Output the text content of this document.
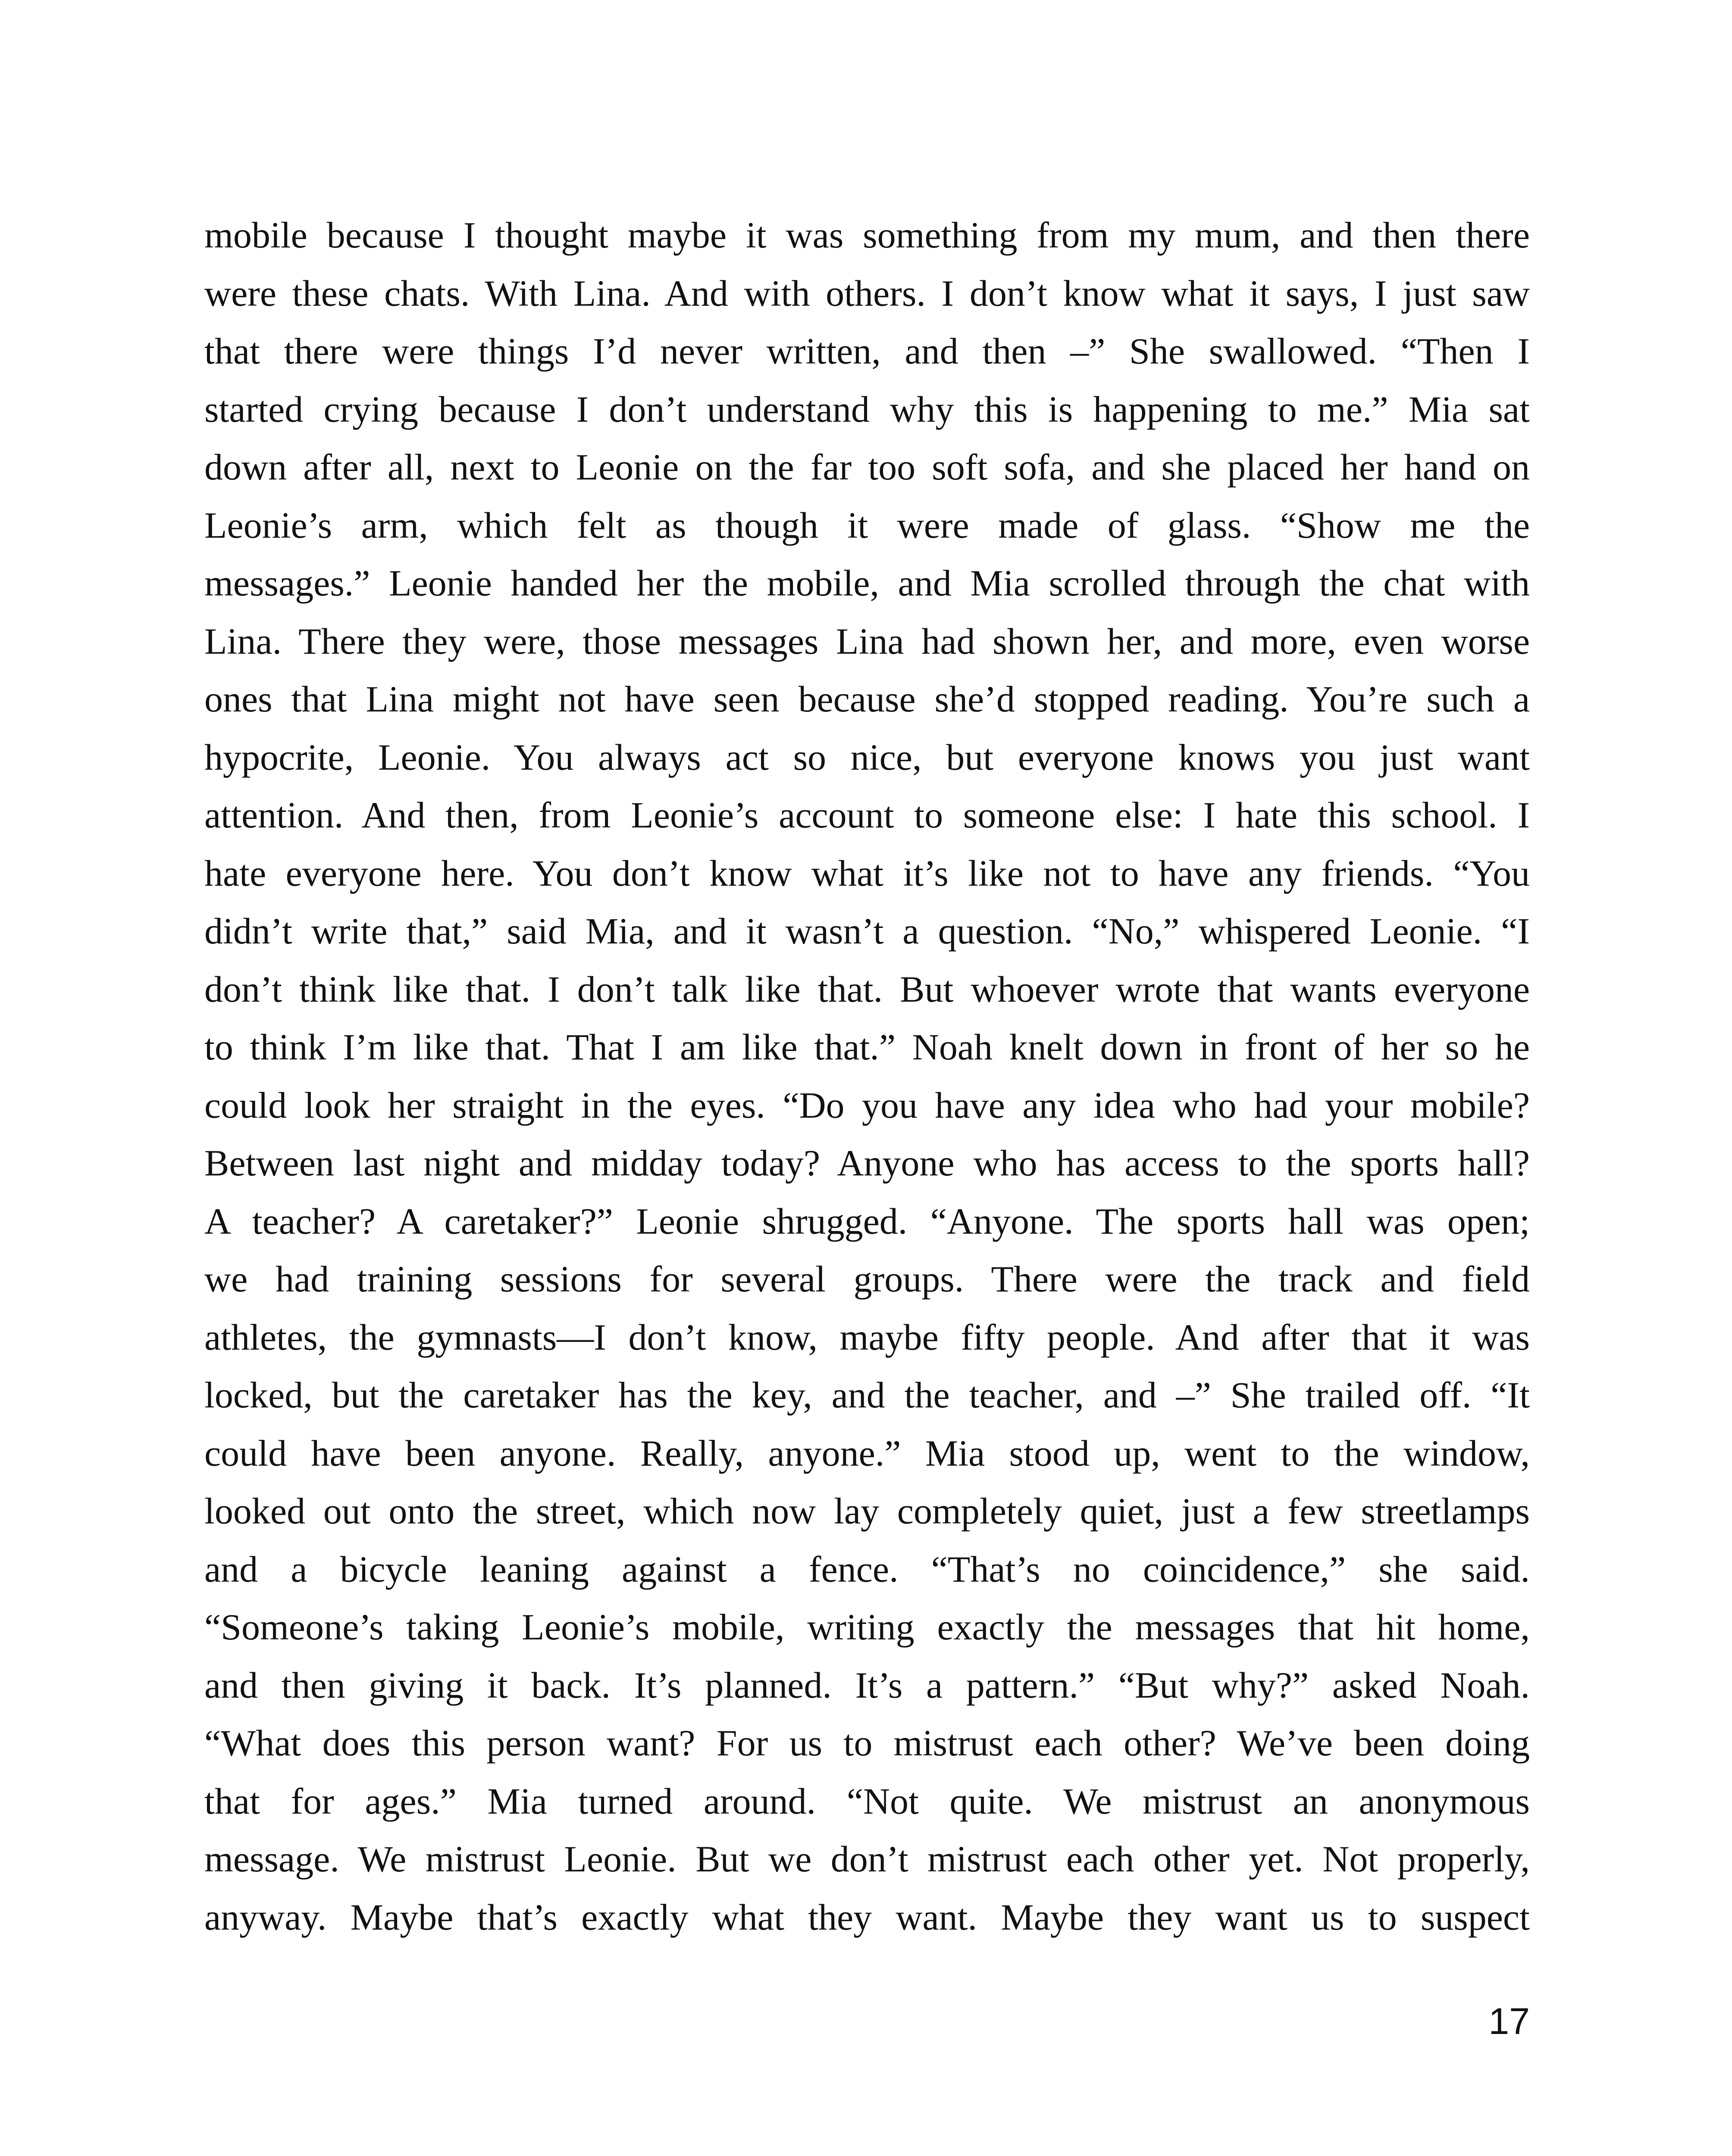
mobile because I thought maybe it was something from my mum, and then there
were these chats. With Lina. And with others. I don’t know what it says, I just saw
that there were things I’d never written, and then –” She swallowed. “Then I
started crying because I don’t understand why this is happening to me.” Mia sat
down after all, next to Leonie on the far too soft sofa, and she placed her hand on
Leonie’s arm, which felt as though it were made of glass. “Show me the
messages.” Leonie handed her the mobile, and Mia scrolled through the chat with
Lina. There they were, those messages Lina had shown her, and more, even worse
ones that Lina might not have seen because she’d stopped reading. You’re such a
hypocrite, Leonie. You always act so nice, but everyone knows you just want
attention. And then, from Leonie’s account to someone else: I hate this school. I
hate everyone here. You don’t know what it’s like not to have any friends. “You
didn’t write that,” said Mia, and it wasn’t a question. “No,” whispered Leonie. “I
don’t think like that. I don’t talk like that. But whoever wrote that wants everyone
to think I’m like that. That I am like that.” Noah knelt down in front of her so he
could look her straight in the eyes. “Do you have any idea who had your mobile?
Between last night and midday today? Anyone who has access to the sports hall?
A teacher? A caretaker?” Leonie shrugged. “Anyone. The sports hall was open;
we had training sessions for several groups. There were the track and field
athletes, the gymnasts—I don’t know, maybe fifty people. And after that it was
locked, but the caretaker has the key, and the teacher, and –” She trailed off. “It
could have been anyone. Really, anyone.” Mia stood up, went to the window,
looked out onto the street, which now lay completely quiet, just a few streetlamps
and a bicycle leaning against a fence. “That’s no coincidence,” she said.
“Someone’s taking Leonie’s mobile, writing exactly the messages that hit home,
and then giving it back. It’s planned. It’s a pattern.” “But why?” asked Noah.
“What does this person want? For us to mistrust each other? We’ve been doing
that for ages.” Mia turned around. “Not quite. We mistrust an anonymous
message. We mistrust Leonie. But we don’t mistrust each other yet. Not properly,
anyway. Maybe that’s exactly what they want. Maybe they want us to suspect
17
